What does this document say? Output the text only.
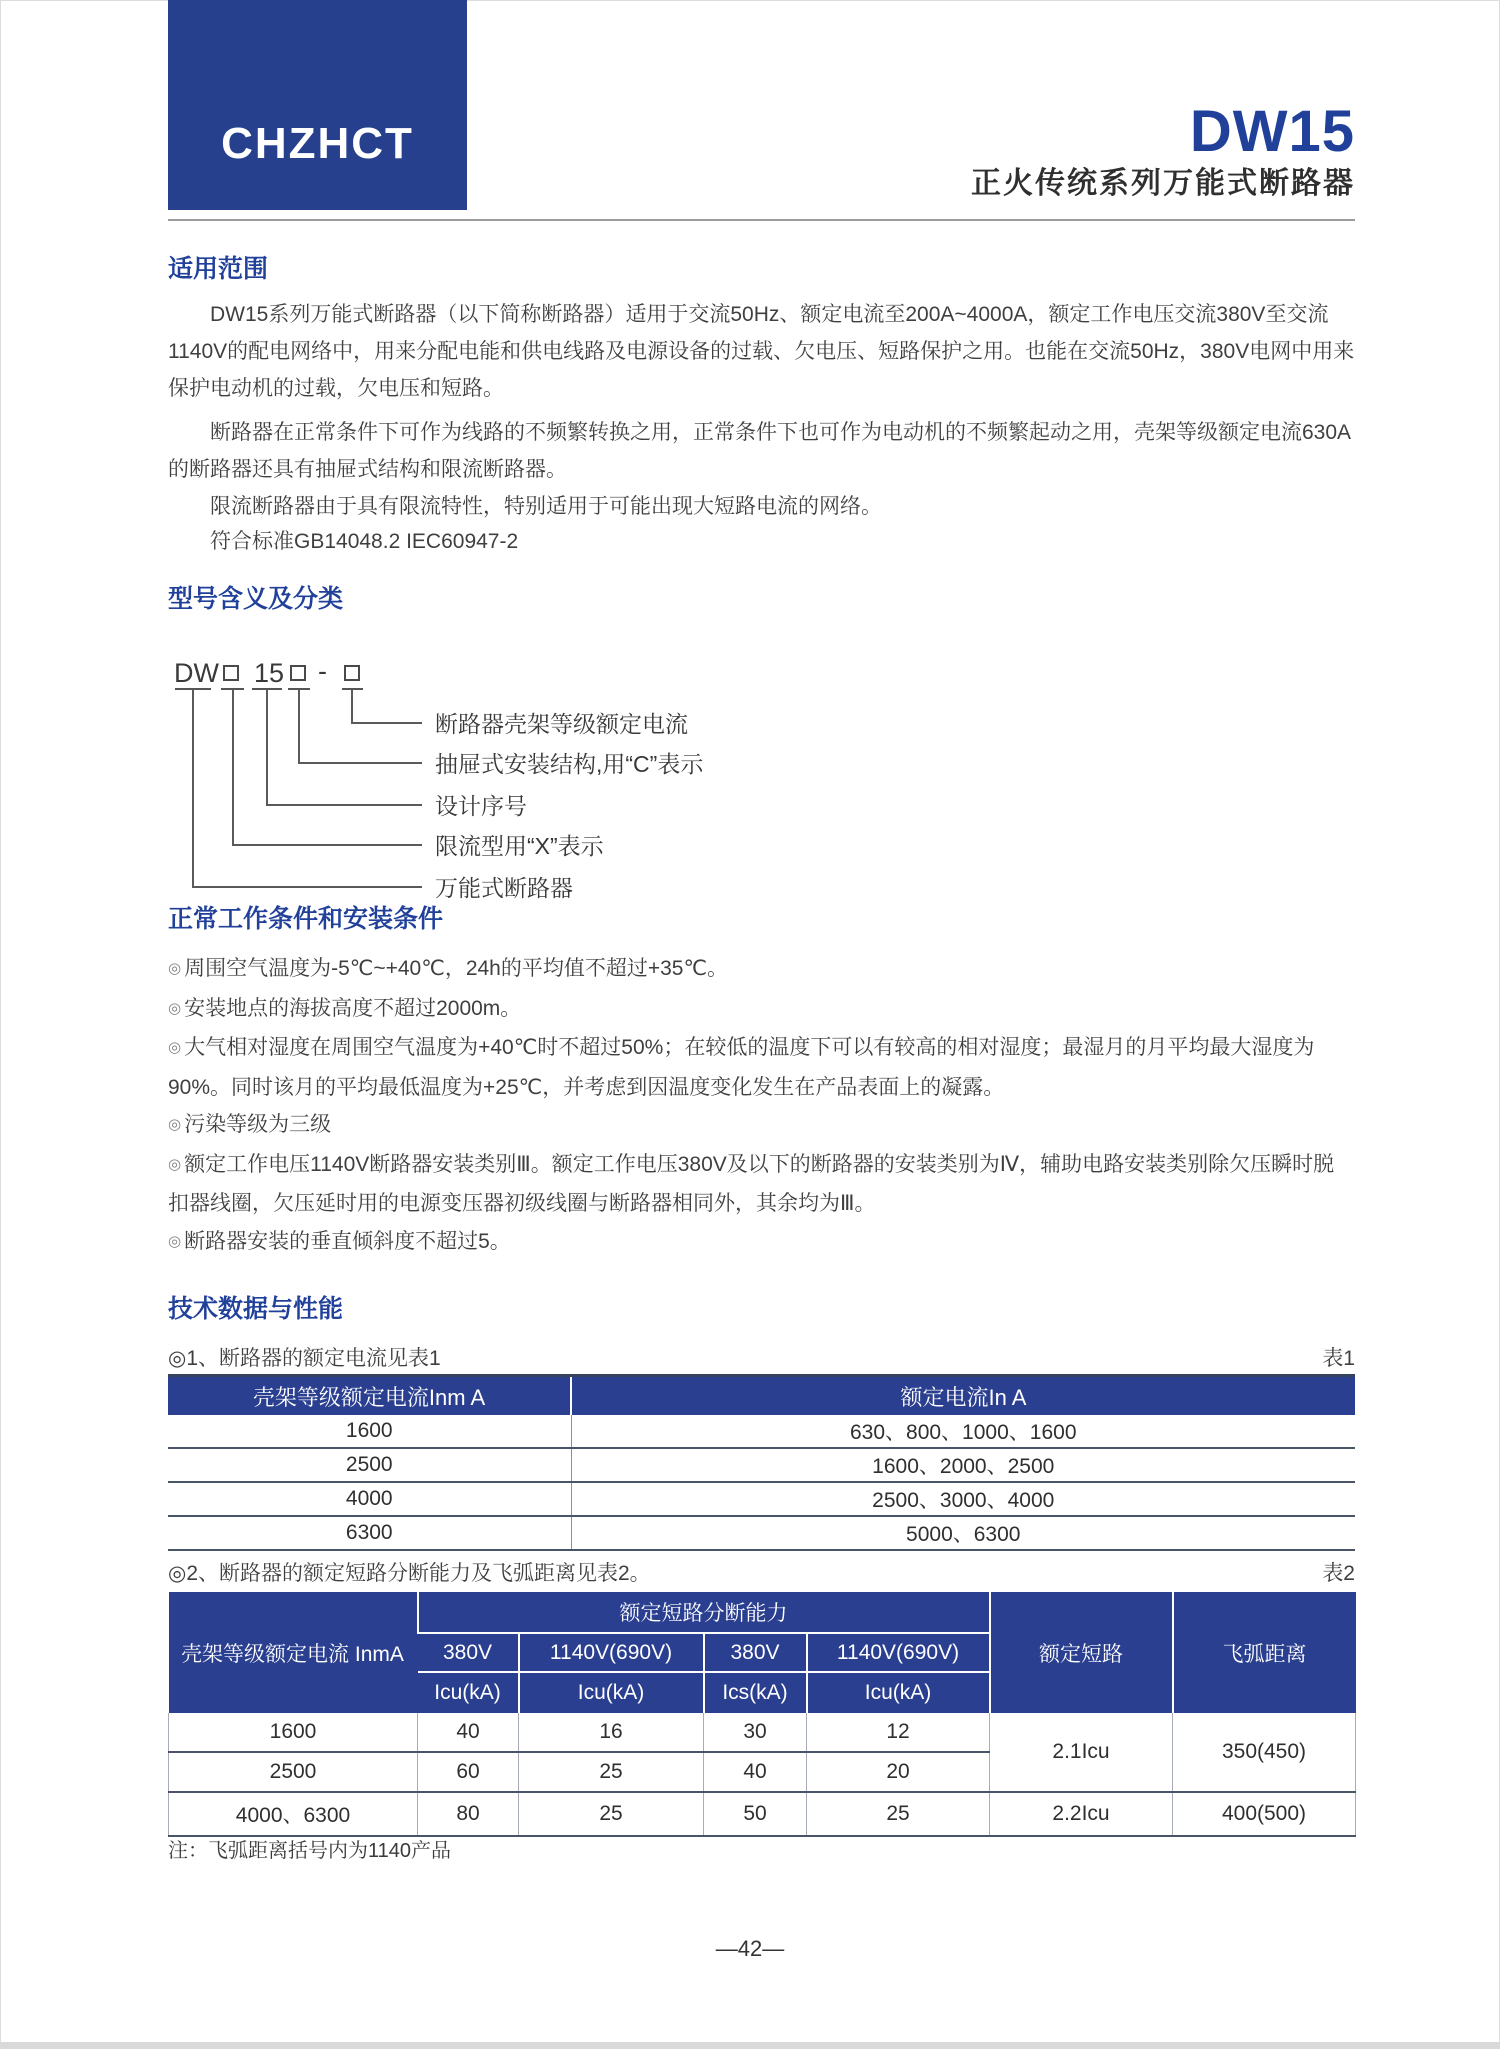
CHZHCT	DW15
正火传统系列万能式断路器
适用范围
DW15系列万能式断路器（以下简称断路器）适用于交流50Hz、额定电流至200A~4000A，额定工作电压交流380V至交流1140V的配电网络中，用来分配电能和供电线路及电源设备的过载、欠电压、短路保护之用。也能在交流50Hz，380V电网中用来保护电动机的过载，欠电压和短路。
断路器在正常条件下可作为线路的不频繁转换之用，正常条件下也可作为电动机的不频繁起动之用，壳架等级额定电流630A的断路器还具有抽屉式结构和限流断路器。
限流断路器由于具有限流特性，特别适用于可能出现大短路电流的网络。
符合标准GB14048.2 IEC60947-2
型号含义及分类
DW 15 -
断路器壳架等级额定电流
抽屉式安装结构,用“C”表示
设计序号
限流型用“X”表示
万能式断路器
正常工作条件和安装条件
◎ 周围空气温度为-5℃~+40℃，24h的平均值不超过+35℃。
◎ 安装地点的海拔高度不超过2000m。
◎ 大气相对湿度在周围空气温度为+40℃时不超过50%；在较低的温度下可以有较高的相对湿度；最湿月的月平均最大湿度为90%。同时该月的平均最低温度为+25℃，并考虑到因温度变化发生在产品表面上的凝露。
◎ 污染等级为三级
◎ 额定工作电压1140V断路器安装类别Ⅲ。额定工作电压380V及以下的断路器的安装类别为Ⅳ，辅助电路安装类别除欠压瞬时脱扣器线圈，欠压延时用的电源变压器初级线圈与断路器相同外，其余均为Ⅲ。
◎ 断路器安装的垂直倾斜度不超过5。
技术数据与性能
◎1、断路器的额定电流见表1	表1
壳架等级额定电流Inm A	额定电流In A
1600	630、800、1000、1600
2500	1600、2000、2500
4000	2500、3000、4000
6300	5000、6300
◎2、断路器的额定短路分断能力及飞弧距离见表2。	表2
壳架等级额定电流 InmA	额定短路分断能力				额定短路	飞弧距离
	380V	1140V(690V)	380V	1140V(690V)		
	Icu(kA)	Icu(kA)	Ics(kA)	Icu(kA)		
1600	40	16	30	12	2.1Icu	350(450)
2500	60	25	40	20		
4000、6300	80	25	50	25	2.2Icu	400(500)
注：飞弧距离括号内为1140产品
—42—
